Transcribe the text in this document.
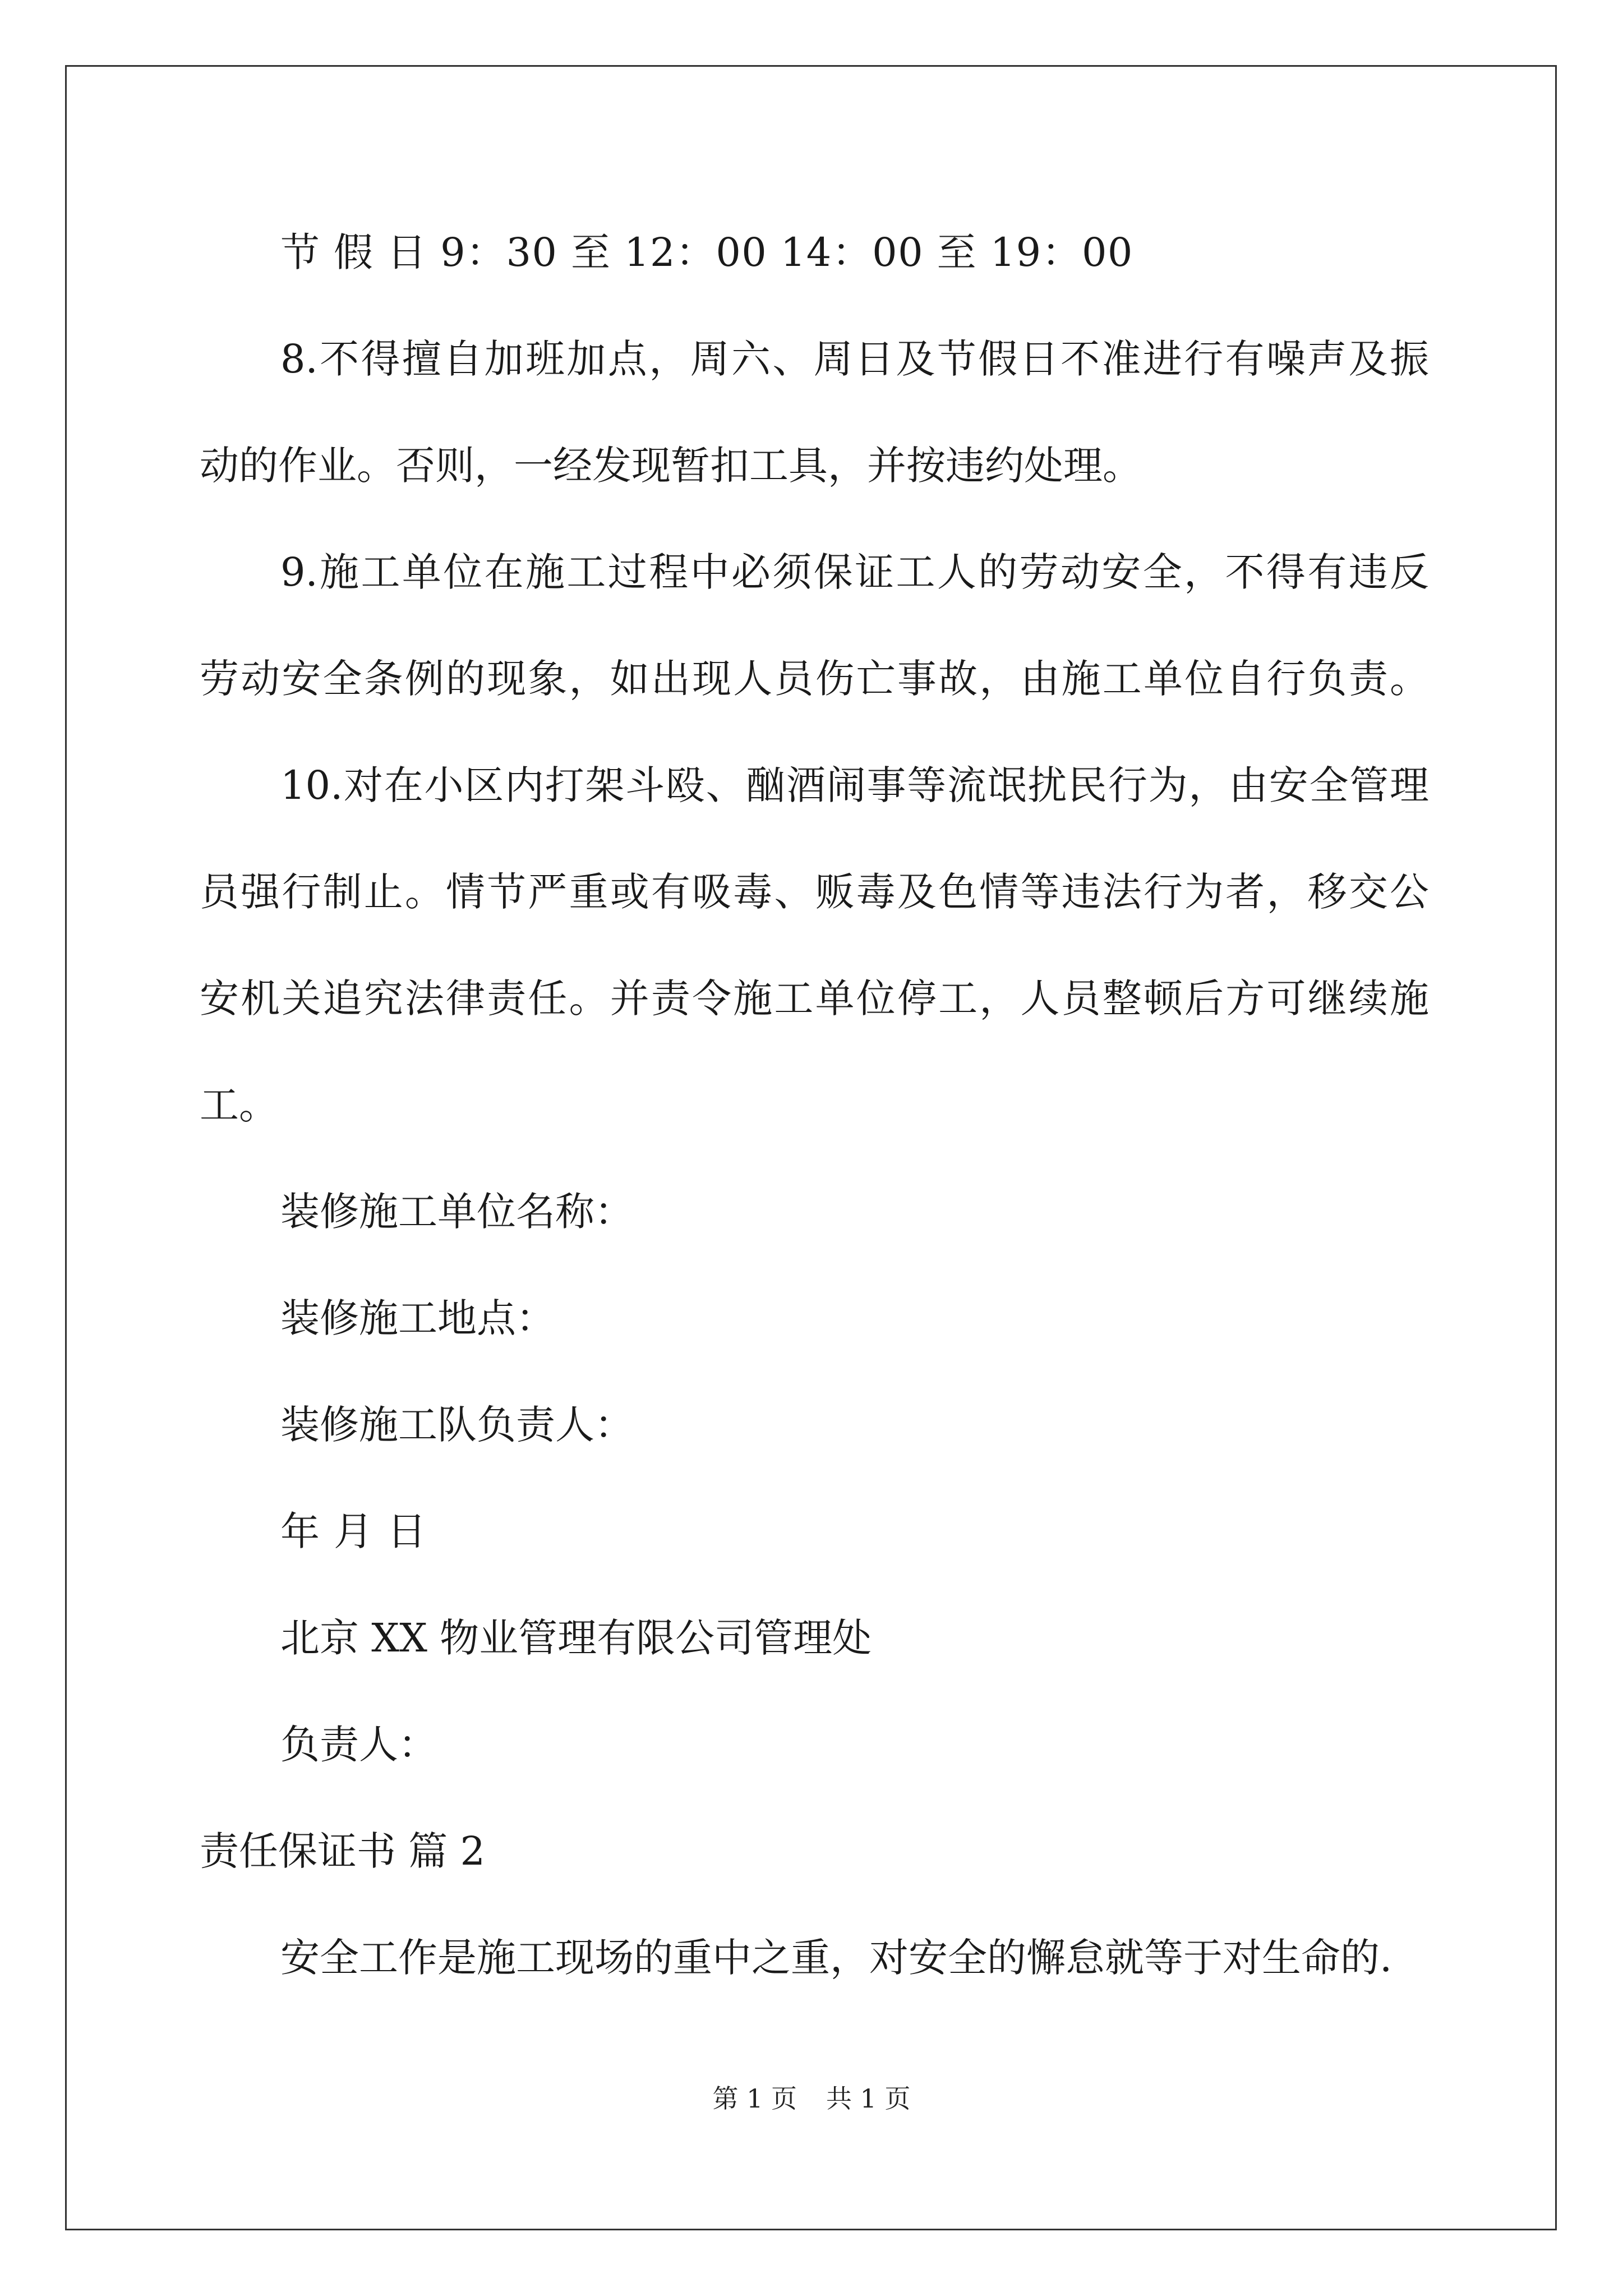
节 假 日 9：30 至 12：00 14：00 至 19：00
8.不得擅自加班加点，周六、周日及节假日不准进行有噪声及振
动的作业。否则，一经发现暂扣工具，并按违约处理。
9.施工单位在施工过程中必须保证工人的劳动安全，不得有违反
劳动安全条例的现象，如出现人员伤亡事故，由施工单位自行负责。
10.对在小区内打架斗殴、酗酒闹事等流氓扰民行为，由安全管理
员强行制止。情节严重或有吸毒、贩毒及色情等违法行为者，移交公
安机关追究法律责任。并责令施工单位停工，人员整顿后方可继续施
工。
装修施工单位名称：
装修施工地点：
装修施工队负责人：
年 月 日
北京 XX 物业管理有限公司管理处
负责人：
责任保证书 篇 2
安全工作是施工现场的重中之重，对安全的懈怠就等于对生命的.
第 1 页 共 1 页
